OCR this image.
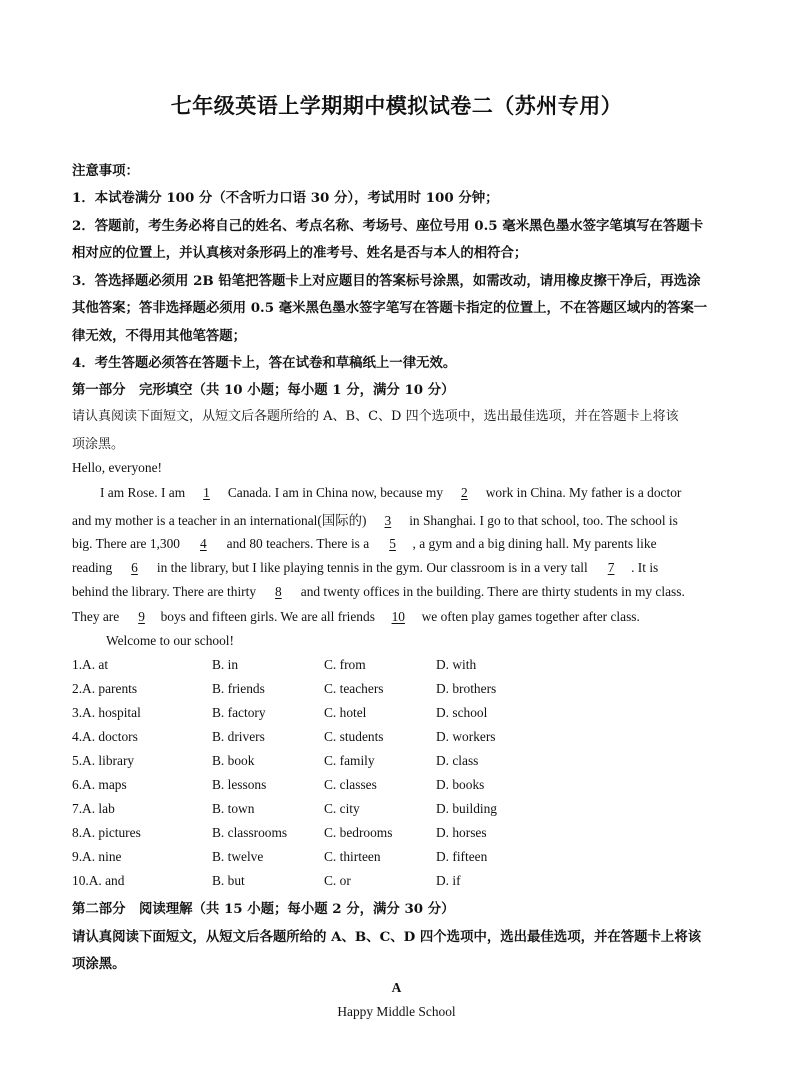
七年级英语上学期期中模拟试卷二（苏州专用）
注意事项：
1．本试卷满分 100 分（不含听力口语 30 分），考试用时 100 分钟；
2．答题前，考生务必将自己的姓名、考点名称、考场号、座位号用 0.5 毫米黑色墨水签字笔填写在答题卡
相对应的位置上，并认真核对条形码上的准考号、姓名是否与本人的相符合；
3．答选择题必须用 2B 铅笔把答题卡上对应题目的答案标号涂黑，如需改动，请用橡皮擦干净后，再选涂
其他答案；答非选择题必须用 0.5 毫米黑色墨水签字笔写在答题卡指定的位置上，不在答题区域内的答案一
律无效，不得用其他笔答题；
4．考生答题必须答在答题卡上，答在试卷和草稿纸上一律无效。
第一部分　完形填空（共 10 小题；每小题 1 分，满分 10 分）
请认真阅读下面短文，从短文后各题所给的 A、B、C、D 四个选项中，选出最佳选项，并在答题卡上将该
项涂黑。
Hello, everyone!
I am Rose. I am 1 Canada. I am in China now, because my 2 work in China. My father is a doctor
and my mother is a teacher in an international(国际的) 3 in Shanghai. I go to that school, too. The school is
big. There are 1,300 4 and 80 teachers. There is a 5 , a gym and a big dining hall. My parents like
reading 6 in the library, but I like playing tennis in the gym. Our classroom is in a very tall 7 . It is
behind the library. There are thirty 8 and twenty offices in the building. There are thirty students in my class.
They are 9 boys and fifteen girls. We are all friends 10 we often play games together after class.
Welcome to our school!
1.A. at	B. in	C. from	D. with
2.A. parents	B. friends	C. teachers	D. brothers
3.A. hospital	B. factory	C. hotel	D. school
4.A. doctors	B. drivers	C. students	D. workers
5.A. library	B. book	C. family	D. class
6.A. maps	B. lessons	C. classes	D. books
7.A. lab	B. town	C. city	D. building
8.A. pictures	B. classrooms	C. bedrooms	D. horses
9.A. nine	B. twelve	C. thirteen	D. fifteen
10.A. and	B. but	C. or	D. if
第二部分　阅读理解（共 15 小题；每小题 2 分，满分 30 分）
请认真阅读下面短文，从短文后各题所给的 A、B、C、D 四个选项中，选出最佳选项，并在答题卡上将该
项涂黑。
A
Happy Middle School
